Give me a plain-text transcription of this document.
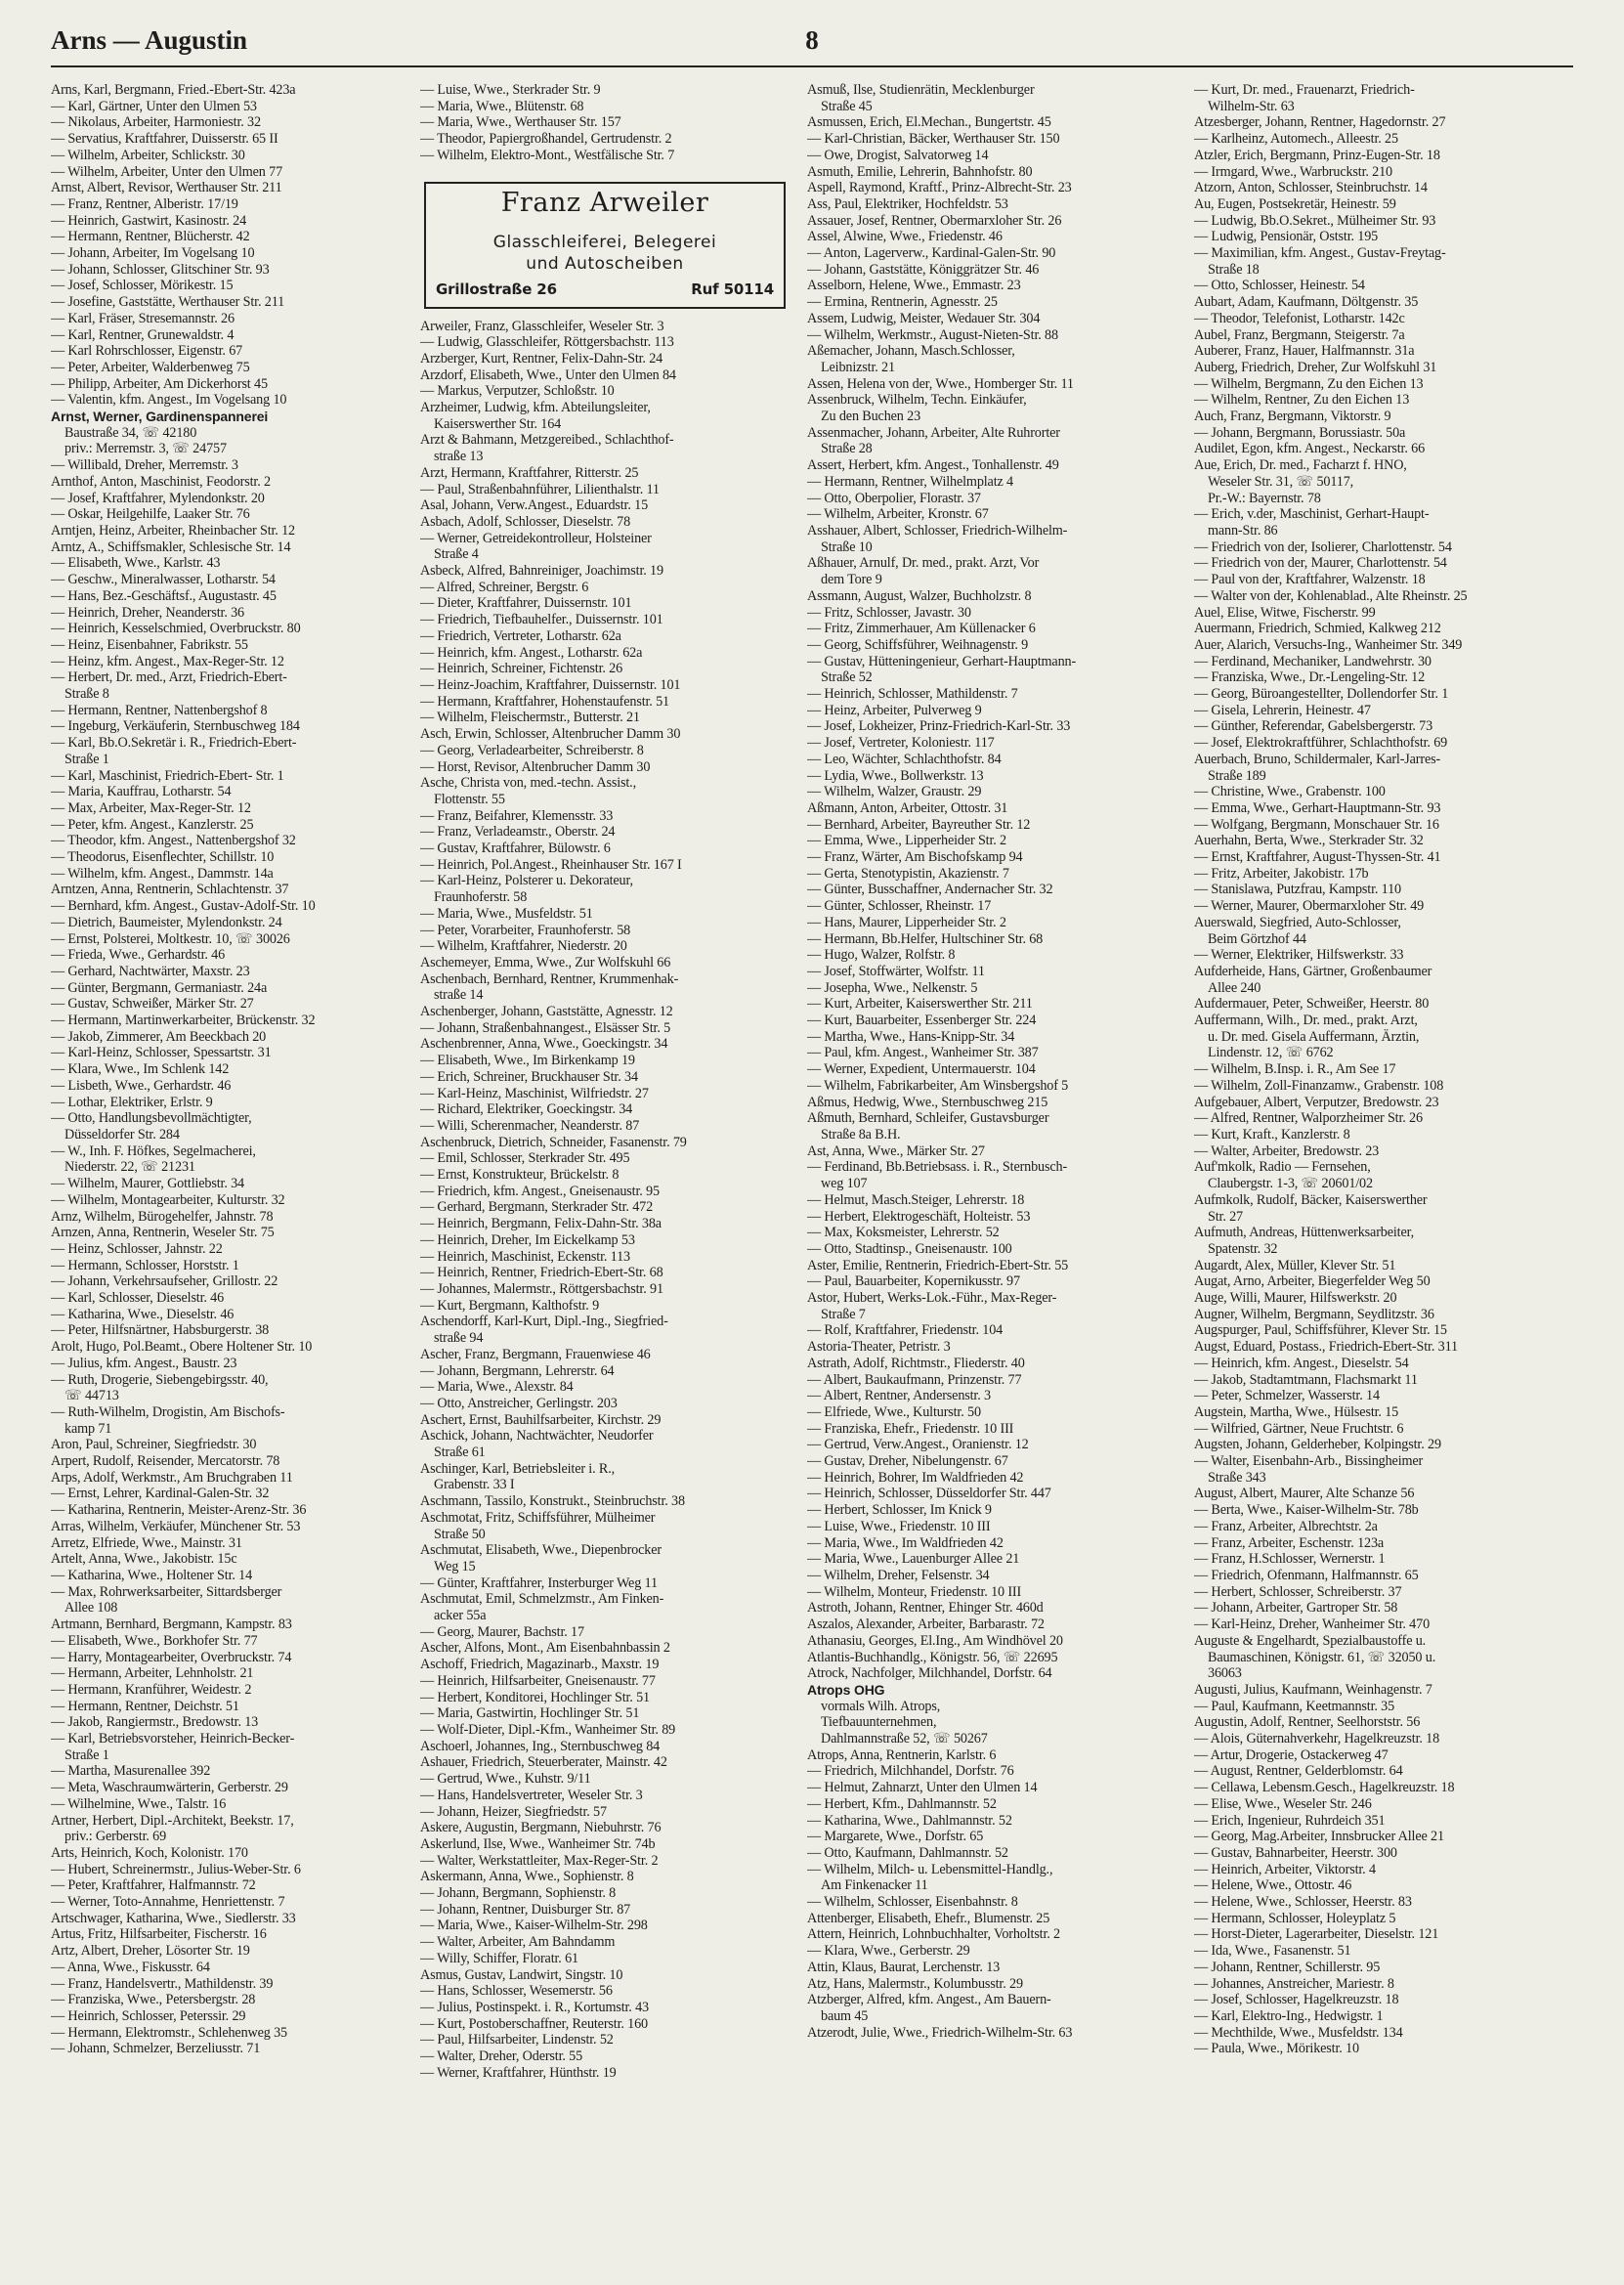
Arns — Augustin	8
Arns, Karl, Bergmann, Fried.-Ebert-Str. 423a
— Karl, Gärtner, Unter den Ulmen 53
— Nikolaus, Arbeiter, Harmoniestr. 32
— Servatius, Kraftfahrer, Duisserstr. 65 II
— Wilhelm, Arbeiter, Schlickstr. 30
— Wilhelm, Arbeiter, Unter den Ulmen 77
Arnst, Albert, Revisor, Werthauser Str. 211
— Franz, Rentner, Alberistr. 17/19
— Heinrich, Gastwirt, Kasinostr. 24
— Hermann, Rentner, Blücherstr. 42
— Johann, Arbeiter, Im Vogelsang 10
— Johann, Schlosser, Glitschiner Str. 93
— Josef, Schlosser, Mörikestr. 15
— Josefine, Gaststätte, Werthauser Str. 211
— Karl, Fräser, Stresemannstr. 26
— Karl, Rentner, Grunewaldstr. 4
— Karl Rohrschlosser, Eigenstr. 67
— Peter, Arbeiter, Walderbenweg 75
— Philipp, Arbeiter, Am Dickerhorst 45
— Valentin, kfm. Angest., Im Vogelsang 10
Arnst, Werner, Gardinenspannerei
Baustraße 34, ☏ 42180
priv.: Merremstr. 3, ☏ 24757
— Willibald, Dreher, Merremstr. 3
Arnthof, Anton, Maschinist, Feodorstr. 2
— Josef, Kraftfahrer, Mylendonkstr. 20
— Oskar, Heilgehilfe, Laaker Str. 76
Arntjen, Heinz, Arbeiter, Rheinbacher Str. 12
Arntz, A., Schiffsmakler, Schlesische Str. 14
— Elisabeth, Wwe., Karlstr. 43
— Geschw., Mineralwasser, Lotharstr. 54
— Hans, Bez.-Geschäftsf., Augustastr. 45
— Heinrich, Dreher, Neanderstr. 36
— Heinrich, Kesselschmied, Overbruckstr. 80
— Heinz, Eisenbahner, Fabrikstr. 55
— Heinz, kfm. Angest., Max-Reger-Str. 12
— Herbert, Dr. med., Arzt, Friedrich-Ebert-
Straße 8
— Hermann, Rentner, Nattenbergshof 8
— Ingeburg, Verkäuferin, Sternbuschweg 184
— Karl, Bb.O.Sekretär i. R., Friedrich-Ebert-
Straße 1
— Karl, Maschinist, Friedrich-Ebert- Str. 1
— Maria, Kauffrau, Lotharstr. 54
— Max, Arbeiter, Max-Reger-Str. 12
— Peter, kfm. Angest., Kanzlerstr. 25
— Theodor, kfm. Angest., Nattenbergshof 32
— Theodorus, Eisenflechter, Schillstr. 10
— Wilhelm, kfm. Angest., Dammstr. 14a
Arntzen, Anna, Rentnerin, Schlachtenstr. 37
— Bernhard, kfm. Angest., Gustav-Adolf-Str. 10
— Dietrich, Baumeister, Mylendonkstr. 24
— Ernst, Polsterei, Moltkestr. 10, ☏ 30026
— Frieda, Wwe., Gerhardstr. 46
— Gerhard, Nachtwärter, Maxstr. 23
— Günter, Bergmann, Germaniastr. 24a
— Gustav, Schweißer, Märker Str. 27
— Hermann, Martinwerkarbeiter, Brückenstr. 32
— Jakob, Zimmerer, Am Beeckbach 20
— Karl-Heinz, Schlosser, Spessartstr. 31
— Klara, Wwe., Im Schlenk 142
— Lisbeth, Wwe., Gerhardstr. 46
— Lothar, Elektriker, Erlstr. 9
— Otto, Handlungsbevollmächtigter,
Düsseldorfer Str. 284
— W., Inh. F. Höfkes, Segelmacherei,
Niederstr. 22, ☏ 21231
— Wilhelm, Maurer, Gottliebstr. 34
— Wilhelm, Montagearbeiter, Kulturstr. 32
Arnz, Wilhelm, Bürogehelfer, Jahnstr. 78
Arnzen, Anna, Rentnerin, Weseler Str. 75
— Heinz, Schlosser, Jahnstr. 22
— Hermann, Schlosser, Horststr. 1
— Johann, Verkehrsaufseher, Grillostr. 22
— Karl, Schlosser, Dieselstr. 46
— Katharina, Wwe., Dieselstr. 46
— Peter, Hilfsnärtner, Habsburgerstr. 38
Arolt, Hugo, Pol.Beamt., Obere Holtener Str. 10
— Julius, kfm. Angest., Baustr. 23
— Ruth, Drogerie, Siebengebirgsstr. 40,
☏ 44713
— Ruth-Wilhelm, Drogistin, Am Bischofs-
kamp 71
Aron, Paul, Schreiner, Siegfriedstr. 30
Arpert, Rudolf, Reisender, Mercatorstr. 78
Arps, Adolf, Werkmstr., Am Bruchgraben 11
— Ernst, Lehrer, Kardinal-Galen-Str. 32
— Katharina, Rentnerin, Meister-Arenz-Str. 36
Arras, Wilhelm, Verkäufer, Münchener Str. 53
Arretz, Elfriede, Wwe., Mainstr. 31
Artelt, Anna, Wwe., Jakobistr. 15c
— Katharina, Wwe., Holtener Str. 14
— Max, Rohrwerksarbeiter, Sittardsberger
Allee 108
Artmann, Bernhard, Bergmann, Kampstr. 83
— Elisabeth, Wwe., Borkhofer Str. 77
— Harry, Montagearbeiter, Overbruckstr. 74
— Hermann, Arbeiter, Lehnholstr. 21
— Hermann, Kranführer, Weidestr. 2
— Hermann, Rentner, Deichstr. 51
— Jakob, Rangiermstr., Bredowstr. 13
— Karl, Betriebsvorsteher, Heinrich-Becker-
Straße 1
— Martha, Masurenallee 392
— Meta, Waschraumwärterin, Gerberstr. 29
— Wilhelmine, Wwe., Talstr. 16
Artner, Herbert, Dipl.-Architekt, Beekstr. 17,
priv.: Gerberstr. 69
Arts, Heinrich, Koch, Kolonistr. 170
— Hubert, Schreinermstr., Julius-Weber-Str. 6
— Peter, Kraftfahrer, Halfmannstr. 72
— Werner, Toto-Annahme, Henriettenstr. 7
Artschwager, Katharina, Wwe., Siedlerstr. 33
Artus, Fritz, Hilfsarbeiter, Fischerstr. 16
Artz, Albert, Dreher, Lösorter Str. 19
— Anna, Wwe., Fiskusstr. 64
— Franz, Handelsvertr., Mathildenstr. 39
— Franziska, Wwe., Petersbergstr. 28
— Heinrich, Schlosser, Peterssir. 29
— Hermann, Elektromstr., Schlehenweg 35
— Johann, Schmelzer, Berzeliusstr. 71
— Luise, Wwe., Sterkrader Str. 9
— Maria, Wwe., Blütenstr. 68
— Maria, Wwe., Werthauser Str. 157
— Theodor, Papiergroßhandel, Gertrudenstr. 2
— Wilhelm, Elektro-Mont., Westfälische Str. 7
Franz Arweiler
Glasschleiferei, Belegerei
und Autoscheiben
Grillostraße 26	Ruf 50114
Arweiler, Franz, Glasschleifer, Weseler Str. 3
— Ludwig, Glasschleifer, Röttgersbachstr. 113
Arzberger, Kurt, Rentner, Felix-Dahn-Str. 24
Arzdorf, Elisabeth, Wwe., Unter den Ulmen 84
— Markus, Verputzer, Schloßstr. 10
Arzheimer, Ludwig, kfm. Abteilungsleiter,
Kaiserswerther Str. 164
Arzt & Bahmann, Metzgereibed., Schlachthof-
straße 13
Arzt, Hermann, Kraftfahrer, Ritterstr. 25
— Paul, Straßenbahnführer, Lilienthalstr. 11
Asal, Johann, Verw.Angest., Eduardstr. 15
Asbach, Adolf, Schlosser, Dieselstr. 78
— Werner, Getreidekontrolleur, Holsteiner
Straße 4
Asbeck, Alfred, Bahnreiniger, Joachimstr. 19
— Alfred, Schreiner, Bergstr. 6
— Dieter, Kraftfahrer, Duissernstr. 101
— Friedrich, Tiefbauhelfer., Duissernstr. 101
— Friedrich, Vertreter, Lotharstr. 62a
— Heinrich, kfm. Angest., Lotharstr. 62a
— Heinrich, Schreiner, Fichtenstr. 26
— Heinz-Joachim, Kraftfahrer, Duissernstr. 101
— Hermann, Kraftfahrer, Hohenstaufenstr. 51
— Wilhelm, Fleischermstr., Butterstr. 21
Asch, Erwin, Schlosser, Altenbrucher Damm 30
— Georg, Verladearbeiter, Schreiberstr. 8
— Horst, Revisor, Altenbrucher Damm 30
Asche, Christa von, med.-techn. Assist.,
Flottenstr. 55
— Franz, Beifahrer, Klemensstr. 33
— Franz, Verladeamstr., Oberstr. 24
— Gustav, Kraftfahrer, Bülowstr. 6
— Heinrich, Pol.Angest., Rheinhauser Str. 167 I
— Karl-Heinz, Polsterer u. Dekorateur,
Fraunhoferstr. 58
— Maria, Wwe., Musfeldstr. 51
— Peter, Vorarbeiter, Fraunhoferstr. 58
— Wilhelm, Kraftfahrer, Niederstr. 20
Aschemeyer, Emma, Wwe., Zur Wolfskuhl 66
Aschenbach, Bernhard, Rentner, Krummenhak-
straße 14
Aschenberger, Johann, Gaststätte, Agnesstr. 12
— Johann, Straßenbahnangest., Elsässer Str. 5
Aschenbrenner, Anna, Wwe., Goeckingstr. 34
— Elisabeth, Wwe., Im Birkenkamp 19
— Erich, Schreiner, Bruckhauser Str. 34
— Karl-Heinz, Maschinist, Wilfriedstr. 27
— Richard, Elektriker, Goeckingstr. 34
— Willi, Scherenmacher, Neanderstr. 87
Aschenbruck, Dietrich, Schneider, Fasanenstr. 79
— Emil, Schlosser, Sterkrader Str. 495
— Ernst, Konstrukteur, Brückelstr. 8
— Friedrich, kfm. Angest., Gneisenaustr. 95
— Gerhard, Bergmann, Sterkrader Str. 472
— Heinrich, Bergmann, Felix-Dahn-Str. 38a
— Heinrich, Dreher, Im Eickelkamp 53
— Heinrich, Maschinist, Eckenstr. 113
— Heinrich, Rentner, Friedrich-Ebert-Str. 68
— Johannes, Malermstr., Röttgersbachstr. 91
— Kurt, Bergmann, Kalthofstr. 9
Aschendorff, Karl-Kurt, Dipl.-Ing., Siegfried-
straße 94
Ascher, Franz, Bergmann, Frauenwiese 46
— Johann, Bergmann, Lehrerstr. 64
— Maria, Wwe., Alexstr. 84
— Otto, Anstreicher, Gerlingstr. 203
Aschert, Ernst, Bauhilfsarbeiter, Kirchstr. 29
Aschick, Johann, Nachtwächter, Neudorfer
Straße 61
Aschinger, Karl, Betriebsleiter i. R.,
Grabenstr. 33 I
Aschmann, Tassilo, Konstrukt., Steinbruchstr. 38
Aschmotat, Fritz, Schiffsführer, Mülheimer
Straße 50
Aschmutat, Elisabeth, Wwe., Diepenbrocker
Weg 15
— Günter, Kraftfahrer, Insterburger Weg 11
Aschmutat, Emil, Schmelzmstr., Am Finken-
acker 55a
— Georg, Maurer, Bachstr. 17
Ascher, Alfons, Mont., Am Eisenbahnbassin 2
Aschoff, Friedrich, Magazinarb., Maxstr. 19
— Heinrich, Hilfsarbeiter, Gneisenaustr. 77
— Herbert, Konditorei, Hochlinger Str. 51
— Maria, Gastwirtin, Hochlinger Str. 51
— Wolf-Dieter, Dipl.-Kfm., Wanheimer Str. 89
Aschoerl, Johannes, Ing., Sternbuschweg 84
Ashauer, Friedrich, Steuerberater, Mainstr. 42
— Gertrud, Wwe., Kuhstr. 9/11
— Hans, Handelsvertreter, Weseler Str. 3
— Johann, Heizer, Siegfriedstr. 57
Askere, Augustin, Bergmann, Niebuhrstr. 76
Askerlund, Ilse, Wwe., Wanheimer Str. 74b
— Walter, Werkstattleiter, Max-Reger-Str. 2
Askermann, Anna, Wwe., Sophienstr. 8
— Johann, Bergmann, Sophienstr. 8
— Johann, Rentner, Duisburger Str. 87
— Maria, Wwe., Kaiser-Wilhelm-Str. 298
— Walter, Arbeiter, Am Bahndamm
— Willy, Schiffer, Floratr. 61
Asmus, Gustav, Landwirt, Singstr. 10
— Hans, Schlosser, Wesemerstr. 56
— Julius, Postinspekt. i. R., Kortumstr. 43
— Kurt, Postoberschaffner, Reuterstr. 160
— Paul, Hilfsarbeiter, Lindenstr. 52
— Walter, Dreher, Oderstr. 55
— Werner, Kraftfahrer, Hünthstr. 19
Asmuß, Ilse, Studienrätin, Mecklenburger
Straße 45
Asmussen, Erich, El.Mechan., Bungertstr. 45
— Karl-Christian, Bäcker, Werthauser Str. 150
— Owe, Drogist, Salvatorweg 14
Asmuth, Emilie, Lehrerin, Bahnhofstr. 80
Aspell, Raymond, Kraftf., Prinz-Albrecht-Str. 23
Ass, Paul, Elektriker, Hochfeldstr. 53
Assauer, Josef, Rentner, Obermarxloher Str. 26
Assel, Alwine, Wwe., Friedenstr. 46
— Anton, Lagerverw., Kardinal-Galen-Str. 90
— Johann, Gaststätte, Königgrätzer Str. 46
Asselborn, Helene, Wwe., Emmastr. 23
— Ermina, Rentnerin, Agnesstr. 25
Assem, Ludwig, Meister, Wedauer Str. 304
— Wilhelm, Werkmstr., August-Nieten-Str. 88
Aßemacher, Johann, Masch.Schlosser,
Leibnizstr. 21
Assen, Helena von der, Wwe., Homberger Str. 11
Assenbruck, Wilhelm, Techn. Einkäufer,
Zu den Buchen 23
Assenmacher, Johann, Arbeiter, Alte Ruhrorter
Straße 28
Assert, Herbert, kfm. Angest., Tonhallenstr. 49
— Hermann, Rentner, Wilhelmplatz 4
— Otto, Oberpolier, Florastr. 37
— Wilhelm, Arbeiter, Kronstr. 67
Asshauer, Albert, Schlosser, Friedrich-Wilhelm-
Straße 10
Aßhauer, Arnulf, Dr. med., prakt. Arzt, Vor
dem Tore 9
Assmann, August, Walzer, Buchholzstr. 8
— Fritz, Schlosser, Javastr. 30
— Fritz, Zimmerhauer, Am Küllenacker 6
— Georg, Schiffsführer, Weihnagenstr. 9
— Gustav, Hütteningenieur, Gerhart-Hauptmann-
Straße 52
— Heinrich, Schlosser, Mathildenstr. 7
— Heinz, Arbeiter, Pulverweg 9
— Josef, Lokheizer, Prinz-Friedrich-Karl-Str. 33
— Josef, Vertreter, Koloniestr. 117
— Leo, Wächter, Schlachthofstr. 84
— Lydia, Wwe., Bollwerkstr. 13
— Wilhelm, Walzer, Graustr. 29
Aßmann, Anton, Arbeiter, Ottostr. 31
— Bernhard, Arbeiter, Bayreuther Str. 12
— Emma, Wwe., Lipperheider Str. 2
— Franz, Wärter, Am Bischofskamp 94
— Gerta, Stenotypistin, Akazienstr. 7
— Günter, Busschaffner, Andernacher Str. 32
— Günter, Schlosser, Rheinstr. 17
— Hans, Maurer, Lipperheider Str. 2
— Hermann, Bb.Helfer, Hultschiner Str. 68
— Hugo, Walzer, Rolfstr. 8
— Josef, Stoffwärter, Wolfstr. 11
— Josepha, Wwe., Nelkenstr. 5
— Kurt, Arbeiter, Kaiserswerther Str. 211
— Kurt, Bauarbeiter, Essenberger Str. 224
— Martha, Wwe., Hans-Knipp-Str. 34
— Paul, kfm. Angest., Wanheimer Str. 387
— Werner, Expedient, Untermauerstr. 104
— Wilhelm, Fabrikarbeiter, Am Winsbergshof 5
Aßmus, Hedwig, Wwe., Sternbuschweg 215
Aßmuth, Bernhard, Schleifer, Gustavsburger
Straße 8a B.H.
Ast, Anna, Wwe., Märker Str. 27
— Ferdinand, Bb.Betriebsass. i. R., Sternbusch-
weg 107
— Helmut, Masch.Steiger, Lehrerstr. 18
— Herbert, Elektrogeschäft, Holteistr. 53
— Max, Koksmeister, Lehrerstr. 52
— Otto, Stadtinsp., Gneisenaustr. 100
Aster, Emilie, Rentnerin, Friedrich-Ebert-Str. 55
— Paul, Bauarbeiter, Kopernikusstr. 97
Astor, Hubert, Werks-Lok.-Führ., Max-Reger-
Straße 7
— Rolf, Kraftfahrer, Friedenstr. 104
Astoria-Theater, Petristr. 3
Astrath, Adolf, Richtmstr., Fliederstr. 40
— Albert, Baukaufmann, Prinzenstr. 77
— Albert, Rentner, Andersenstr. 3
— Elfriede, Wwe., Kulturstr. 50
— Franziska, Ehefr., Friedenstr. 10 III
— Gertrud, Verw.Angest., Oranienstr. 12
— Gustav, Dreher, Nibelungenstr. 67
— Heinrich, Bohrer, Im Waldfrieden 42
— Heinrich, Schlosser, Düsseldorfer Str. 447
— Herbert, Schlosser, Im Knick 9
— Luise, Wwe., Friedenstr. 10 III
— Maria, Wwe., Im Waldfrieden 42
— Maria, Wwe., Lauenburger Allee 21
— Wilhelm, Dreher, Felsenstr. 34
— Wilhelm, Monteur, Friedenstr. 10 III
Astroth, Johann, Rentner, Ehinger Str. 460d
Aszalos, Alexander, Arbeiter, Barbarastr. 72
Athanasiu, Georges, El.Ing., Am Windhövel 20
Atlantis-Buchhandlg., Königstr. 56, ☏ 22695
Atrock, Nachfolger, Milchhandel, Dorfstr. 64
Atrops OHG
vormals Wilh. Atrops,
Tiefbauunternehmen,
Dahlmannstraße 52, ☏ 50267
Atrops, Anna, Rentnerin, Karlstr. 6
— Friedrich, Milchhandel, Dorfstr. 76
— Helmut, Zahnarzt, Unter den Ulmen 14
— Herbert, Kfm., Dahlmannstr. 52
— Katharina, Wwe., Dahlmannstr. 52
— Margarete, Wwe., Dorfstr. 65
— Otto, Kaufmann, Dahlmannstr. 52
— Wilhelm, Milch- u. Lebensmittel-Handlg.,
Am Finkenacker 11
— Wilhelm, Schlosser, Eisenbahnstr. 8
Attenberger, Elisabeth, Ehefr., Blumenstr. 25
Attern, Heinrich, Lohnbuchhalter, Vorholtstr. 2
— Klara, Wwe., Gerberstr. 29
Attin, Klaus, Baurat, Lerchenstr. 13
Atz, Hans, Malermstr., Kolumbusstr. 29
Atzberger, Alfred, kfm. Angest., Am Bauern-
baum 45
Atzerodt, Julie, Wwe., Friedrich-Wilhelm-Str. 63
— Kurt, Dr. med., Frauenarzt, Friedrich-
Wilhelm-Str. 63
Atzesberger, Johann, Rentner, Hagedornstr. 27
— Karlheinz, Automech., Alleestr. 25
Atzler, Erich, Bergmann, Prinz-Eugen-Str. 18
— Irmgard, Wwe., Warbruckstr. 210
Atzorn, Anton, Schlosser, Steinbruchstr. 14
Au, Eugen, Postsekretär, Heinestr. 59
— Ludwig, Bb.O.Sekret., Mülheimer Str. 93
— Ludwig, Pensionär, Oststr. 195
— Maximilian, kfm. Angest., Gustav-Freytag-
Straße 18
— Otto, Schlosser, Heinestr. 54
Aubart, Adam, Kaufmann, Döltgenstr. 35
— Theodor, Telefonist, Lotharstr. 142c
Aubel, Franz, Bergmann, Steigerstr. 7a
Auberer, Franz, Hauer, Halfmannstr. 31a
Auberg, Friedrich, Dreher, Zur Wolfskuhl 31
— Wilhelm, Bergmann, Zu den Eichen 13
— Wilhelm, Rentner, Zu den Eichen 13
Auch, Franz, Bergmann, Viktorstr. 9
— Johann, Bergmann, Borussiastr. 50a
Audilet, Egon, kfm. Angest., Neckarstr. 66
Aue, Erich, Dr. med., Facharzt f. HNO,
Weseler Str. 31, ☏ 50117,
Pr.-W.: Bayernstr. 78
— Erich, v.der, Maschinist, Gerhart-Haupt-
mann-Str. 86
— Friedrich von der, Isolierer, Charlottenstr. 54
— Friedrich von der, Maurer, Charlottenstr. 54
— Paul von der, Kraftfahrer, Walzenstr. 18
— Walter von der, Kohlenablad., Alte Rheinstr. 25
Auel, Elise, Witwe, Fischerstr. 99
Auermann, Friedrich, Schmied, Kalkweg 212
Auer, Alarich, Versuchs-Ing., Wanheimer Str. 349
— Ferdinand, Mechaniker, Landwehrstr. 30
— Franziska, Wwe., Dr.-Lengeling-Str. 12
— Georg, Büroangestellter, Dollendorfer Str. 1
— Gisela, Lehrerin, Heinestr. 47
— Günther, Referendar, Gabelsbergerstr. 73
— Josef, Elektrokraftführer, Schlachthofstr. 69
Auerbach, Bruno, Schildermaler, Karl-Jarres-
Straße 189
— Christine, Wwe., Grabenstr. 100
— Emma, Wwe., Gerhart-Hauptmann-Str. 93
— Wolfgang, Bergmann, Monschauer Str. 16
Auerhahn, Berta, Wwe., Sterkrader Str. 32
— Ernst, Kraftfahrer, August-Thyssen-Str. 41
— Fritz, Arbeiter, Jakobistr. 17b
— Stanislawa, Putzfrau, Kampstr. 110
— Werner, Maurer, Obermarxloher Str. 49
Auerswald, Siegfried, Auto-Schlosser,
Beim Görtzhof 44
— Werner, Elektriker, Hilfswerkstr. 33
Aufderheide, Hans, Gärtner, Großenbaumer
Allee 240
Aufdermauer, Peter, Schweißer, Heerstr. 80
Auffermann, Wilh., Dr. med., prakt. Arzt,
u. Dr. med. Gisela Auffermann, Ärztin,
Lindenstr. 12, ☏ 6762
— Wilhelm, B.Insp. i. R., Am See 17
— Wilhelm, Zoll-Finanzamw., Grabenstr. 108
Aufgebauer, Albert, Verputzer, Bredowstr. 23
— Alfred, Rentner, Walporzheimer Str. 26
— Kurt, Kraft., Kanzlerstr. 8
— Walter, Arbeiter, Bredowstr. 23
Auf'mkolk, Radio — Fernsehen,
Claubergstr. 1-3, ☏ 20601/02
Aufmkolk, Rudolf, Bäcker, Kaiserswerther
Str. 27
Aufmuth, Andreas, Hüttenwerksarbeiter,
Spatenstr. 32
Augardt, Alex, Müller, Klever Str. 51
Augat, Arno, Arbeiter, Biegerfelder Weg 50
Auge, Willi, Maurer, Hilfswerkstr. 20
Augner, Wilhelm, Bergmann, Seydlitzstr. 36
Augspurger, Paul, Schiffsführer, Klever Str. 15
Augst, Eduard, Postass., Friedrich-Ebert-Str. 311
— Heinrich, kfm. Angest., Dieselstr. 54
— Jakob, Stadtamtmann, Flachsmarkt 11
— Peter, Schmelzer, Wasserstr. 14
Augstein, Martha, Wwe., Hülsestr. 15
— Wilfried, Gärtner, Neue Fruchtstr. 6
Augsten, Johann, Gelderheber, Kolpingstr. 29
— Walter, Eisenbahn-Arb., Bissingheimer
Straße 343
August, Albert, Maurer, Alte Schanze 56
— Berta, Wwe., Kaiser-Wilhelm-Str. 78b
— Franz, Arbeiter, Albrechtstr. 2a
— Franz, Arbeiter, Eschenstr. 123a
— Franz, H.Schlosser, Wernerstr. 1
— Friedrich, Ofenmann, Halfmannstr. 65
— Herbert, Schlosser, Schreiberstr. 37
— Johann, Arbeiter, Gartroper Str. 58
— Karl-Heinz, Dreher, Wanheimer Str. 470
Auguste & Engelhardt, Spezialbaustoffe u.
Baumaschinen, Königstr. 61, ☏ 32050 u.
36063
Augusti, Julius, Kaufmann, Weinhagenstr. 7
— Paul, Kaufmann, Keetmannstr. 35
Augustin, Adolf, Rentner, Seelhorststr. 56
— Alois, Güternahverkehr, Hagelkreuzstr. 18
— Artur, Drogerie, Ostackerweg 47
— August, Rentner, Gelderblomstr. 64
— Cellawa, Lebensm.Gesch., Hagelkreuzstr. 18
— Elise, Wwe., Weseler Str. 246
— Erich, Ingenieur, Ruhrdeich 351
— Georg, Mag.Arbeiter, Innsbrucker Allee 21
— Gustav, Bahnarbeiter, Heerstr. 300
— Heinrich, Arbeiter, Viktorstr. 4
— Helene, Wwe., Ottostr. 46
— Helene, Wwe., Schlosser, Heerstr. 83
— Hermann, Schlosser, Holeyplatz 5
— Horst-Dieter, Lagerarbeiter, Dieselstr. 121
— Ida, Wwe., Fasanenstr. 51
— Johann, Rentner, Schillerstr. 95
— Johannes, Anstreicher, Mariestr. 8
— Josef, Schlosser, Hagelkreuzstr. 18
— Karl, Elektro-Ing., Hedwigstr. 1
— Mechthilde, Wwe., Musfeldstr. 134
— Paula, Wwe., Mörikestr. 10
